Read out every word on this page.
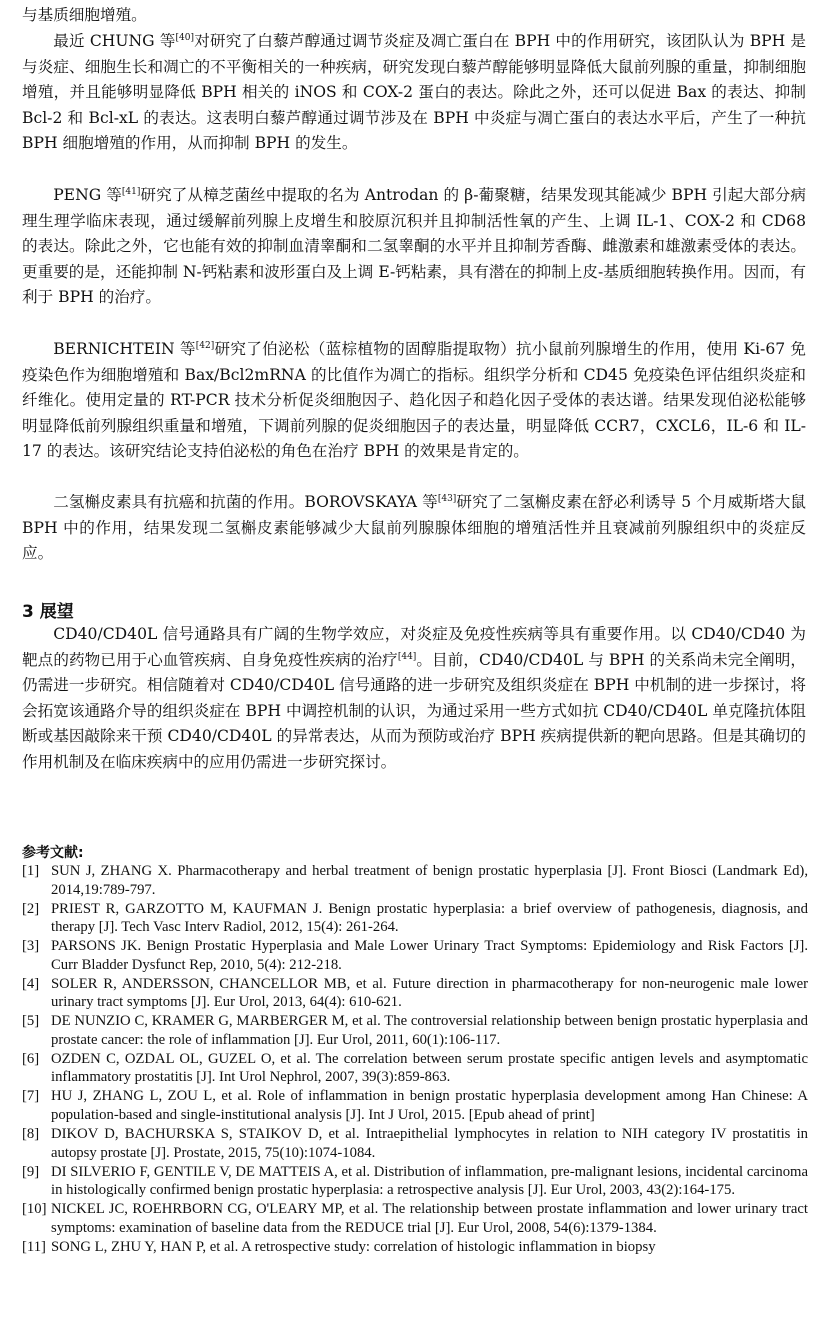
与基质细胞增殖。

最近 CHUNG 等[40]对研究了白藜芦醇通过调节炎症及凋亡蛋白在 BPH 中的作用研究，该团队认为 BPH 是与炎症、细胞生长和凋亡的不平衡相关的一种疾病，研究发现白藜芦醇能够明显降低大鼠前列腺的重量，抑制细胞增殖，并且能够明显降低 BPH 相关的 iNOS 和 COX-2 蛋白的表达。除此之外，还可以促进 Bax 的表达、抑制 Bcl-2 和 Bcl-xL 的表达。这表明白藜芦醇通过调节涉及在 BPH 中炎症与凋亡蛋白的表达水平后，产生了一种抗 BPH 细胞增殖的作用，从而抑制 BPH 的发生。

PENG 等[41]研究了从樟芝菌丝中提取的名为 Antrodan 的 β-葡聚糖，结果发现其能减少 BPH 引起大部分病理生理学临床表现，通过缓解前列腺上皮增生和胶原沉积并且抑制活性氧的产生、上调 IL-1、COX-2 和 CD68 的表达。除此之外，它也能有效的抑制血清睾酮和二氢睾酮的水平并且抑制芳香酶、雌激素和雄激素受体的表达。更重要的是，还能抑制 N-钙粘素和波形蛋白及上调 E-钙粘素，具有潜在的抑制上皮-基质细胞转换作用。因而，有利于 BPH 的治疗。

BERNICHTEIN 等[42]研究了伯泌松（蓝棕植物的固醇脂提取物）抗小鼠前列腺增生的作用，使用 Ki-67 免疫染色作为细胞增殖和 Bax/Bcl2mRNA 的比值作为凋亡的指标。组织学分析和 CD45 免疫染色评估组织炎症和纤维化。使用定量的 RT-PCR 技术分析促炎细胞因子、趋化因子和趋化因子受体的表达谱。结果发现伯泌松能够明显降低前列腺组织重量和增殖，下调前列腺的促炎细胞因子的表达量，明显降低 CCR7，CXCL6，IL-6 和 IL-17 的表达。该研究结论支持伯泌松的角色在治疗 BPH 的效果是肯定的。

二氢槲皮素具有抗癌和抗菌的作用。BOROVSKAYA 等[43]研究了二氢槲皮素在舒必利诱导 5 个月威斯塔大鼠 BPH 中的作用，结果发现二氢槲皮素能够减少大鼠前列腺腺体细胞的增殖活性并且衰减前列腺组织中的炎症反应。

3 展望

CD40/CD40L 信号通路具有广阔的生物学效应，对炎症及免疫性疾病等具有重要作用。以 CD40/CD40 为靶点的药物已用于心血管疾病、自身免疫性疾病的治疗[44]。目前，CD40/CD40L 与 BPH 的关系尚未完全阐明，仍需进一步研究。相信随着对 CD40/CD40L 信号通路的进一步研究及组织炎症在 BPH 中机制的进一步探讨，将会拓宽该通路介导的组织炎症在 BPH 中调控机制的认识，为通过采用一些方式如抗 CD40/CD40L 单克隆抗体阻断或基因敲除来干预 CD40/CD40L 的异常表达，从而为预防或治疗 BPH 疾病提供新的靶向思路。但是其确切的作用机制及在临床疾病中的应用仍需进一步研究探讨。

参考文献:
[1] SUN J, ZHANG X. Pharmacotherapy and herbal treatment of benign prostatic hyperplasia [J]. Front Biosci (Landmark Ed), 2014,19:789-797.
[2] PRIEST R, GARZOTTO M, KAUFMAN J. Benign prostatic hyperplasia: a brief overview of pathogenesis, diagnosis, and therapy [J]. Tech Vasc Interv Radiol, 2012, 15(4): 261-264.
[3] PARSONS JK. Benign Prostatic Hyperplasia and Male Lower Urinary Tract Symptoms: Epidemiology and Risk Factors [J]. Curr Bladder Dysfunct Rep, 2010, 5(4): 212-218.
[4] SOLER R, ANDERSSON, CHANCELLOR MB, et al. Future direction in pharmacotherapy for non-neurogenic male lower urinary tract symptoms [J]. Eur Urol, 2013, 64(4): 610-621.
[5] DE NUNZIO C, KRAMER G, MARBERGER M, et al. The controversial relationship between benign prostatic hyperplasia and prostate cancer: the role of inflammation [J]. Eur Urol, 2011, 60(1):106-117.
[6] OZDEN C, OZDAL OL, GUZEL O, et al. The correlation between serum prostate specific antigen levels and asymptomatic inflammatory prostatitis [J]. Int Urol Nephrol, 2007, 39(3):859-863.
[7] HU J, ZHANG L, ZOU L, et al. Role of inflammation in benign prostatic hyperplasia development among Han Chinese: A population-based and single-institutional analysis [J]. Int J Urol, 2015. [Epub ahead of print]
[8] DIKOV D, BACHURSKA S, STAIKOV D, et al. Intraepithelial lymphocytes in relation to NIH category IV prostatitis in autopsy prostate [J]. Prostate, 2015, 75(10):1074-1084.
[9] DI SILVERIO F, GENTILE V, DE MATTEIS A, et al. Distribution of inflammation, pre-malignant lesions, incidental carcinoma in histologically confirmed benign prostatic hyperplasia: a retrospective analysis [J]. Eur Urol, 2003, 43(2):164-175.
[10] NICKEL JC, ROEHRBORN CG, O'LEARY MP, et al. The relationship between prostate inflammation and lower urinary tract symptoms: examination of baseline data from the REDUCE trial [J]. Eur Urol, 2008, 54(6):1379-1384.
[11] SONG L, ZHU Y, HAN P, et al. A retrospective study: correlation of histologic inflammation in biopsy
